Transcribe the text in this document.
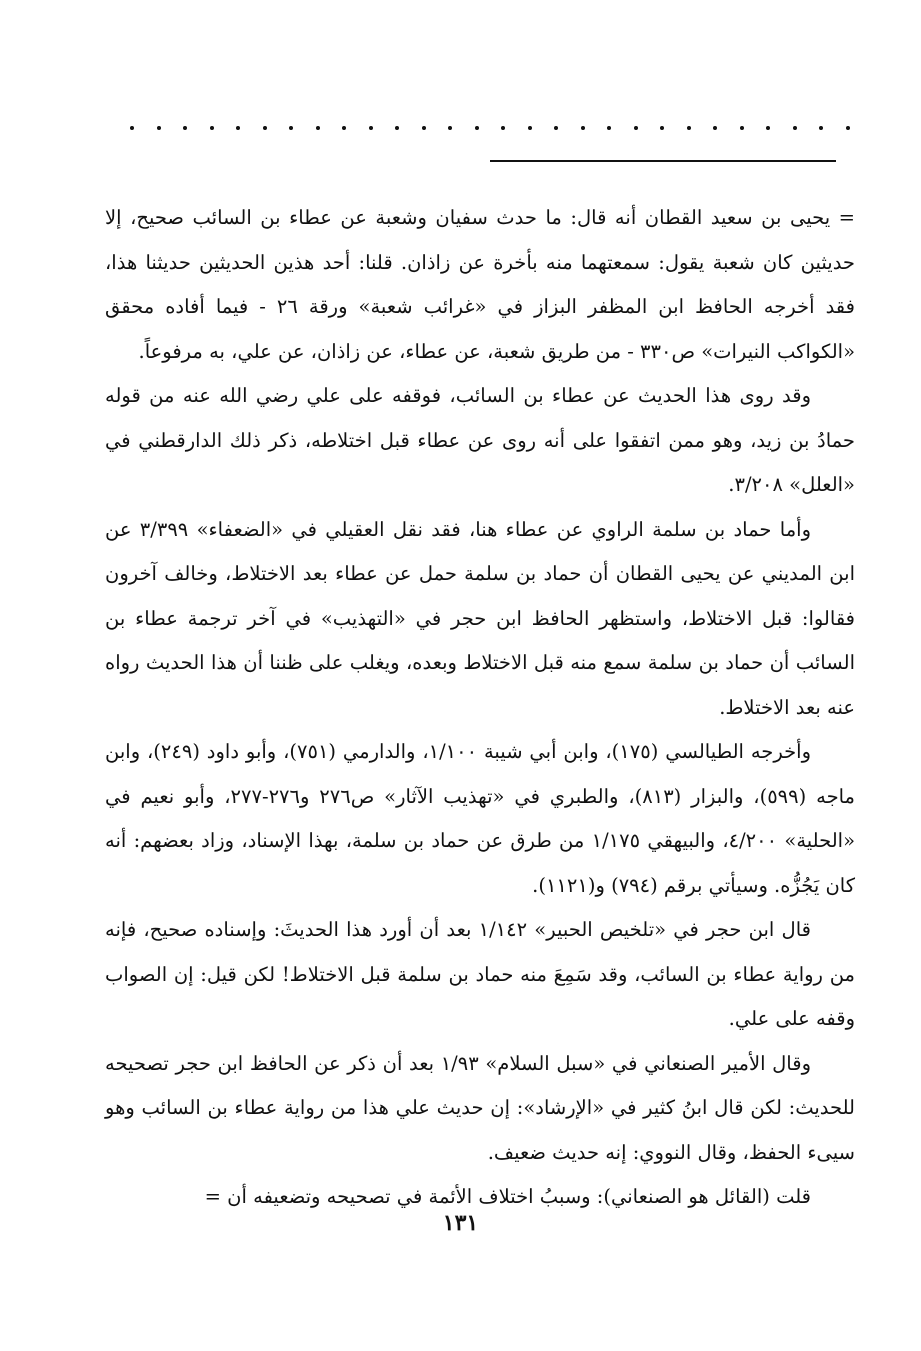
= يحيى بن سعيد القطان أنه قال: ما حدث سفيان وشعبة عن عطاء بن السائب صحيح، إلا حديثين كان شعبة يقول: سمعتهما منه بأخرة عن زاذان. قلنا: أحد هذين الحديثين حديثنا هذا، فقد أخرجه الحافظ ابن المظفر البزاز في «غرائب شعبة» ورقة ٢٦ - فيما أفاده محقق «الكواكب النيرات» ص٣٣٠ - من طريق شعبة، عن عطاء، عن زاذان، عن علي، به مرفوعاً.

وقد روى هذا الحديث عن عطاء بن السائب، فوقفه على علي رضي الله عنه من قوله حمادُ بن زيد، وهو ممن اتفقوا على أنه روى عن عطاء قبل اختلاطه، ذكر ذلك الدارقطني في «العلل» ٣/٢٠٨.

وأما حماد بن سلمة الراوي عن عطاء هنا، فقد نقل العقيلي في «الضعفاء» ٣/٣٩٩ عن ابن المديني عن يحيى القطان أن حماد بن سلمة حمل عن عطاء بعد الاختلاط، وخالف آخرون فقالوا: قبل الاختلاط، واستظهر الحافظ ابن حجر في «التهذيب» في آخر ترجمة عطاء بن السائب أن حماد بن سلمة سمع منه قبل الاختلاط وبعده، ويغلب على ظننا أن هذا الحديث رواه عنه بعد الاختلاط.

وأخرجه الطيالسي (١٧٥)، وابن أبي شيبة ١/١٠٠، والدارمي (٧٥١)، وأبو داود (٢٤٩)، وابن ماجه (٥٩٩)، والبزار (٨١٣)، والطبري في «تهذيب الآثار» ص٢٧٦ و٢٧٦-٢٧٧، وأبو نعيم في «الحلية» ٤/٢٠٠، والبيهقي ١/١٧٥ من طرق عن حماد بن سلمة، بهذا الإسناد، وزاد بعضهم: أنه كان يَجُزُّه. وسيأتي برقم (٧٩٤) و(١١٢١).

قال ابن حجر في «تلخيص الحبير» ١/١٤٢ بعد أن أورد هذا الحديثَ: وإسناده صحيح، فإنه من رواية عطاء بن السائب، وقد سَمِعَ منه حماد بن سلمة قبل الاختلاط! لكن قيل: إن الصواب وقفه على علي.

وقال الأمير الصنعاني في «سبل السلام» ١/٩٣ بعد أن ذكر عن الحافظ ابن حجر تصحيحه للحديث: لكن قال ابنُ كثير في «الإرشاد»: إن حديث علي هذا من رواية عطاء بن السائب وهو سيىء الحفظ، وقال النووي: إنه حديث ضعيف.

قلت (القائل هو الصنعاني): وسببُ اختلاف الأئمة في تصحيحه وتضعيفه أن =

١٣١
